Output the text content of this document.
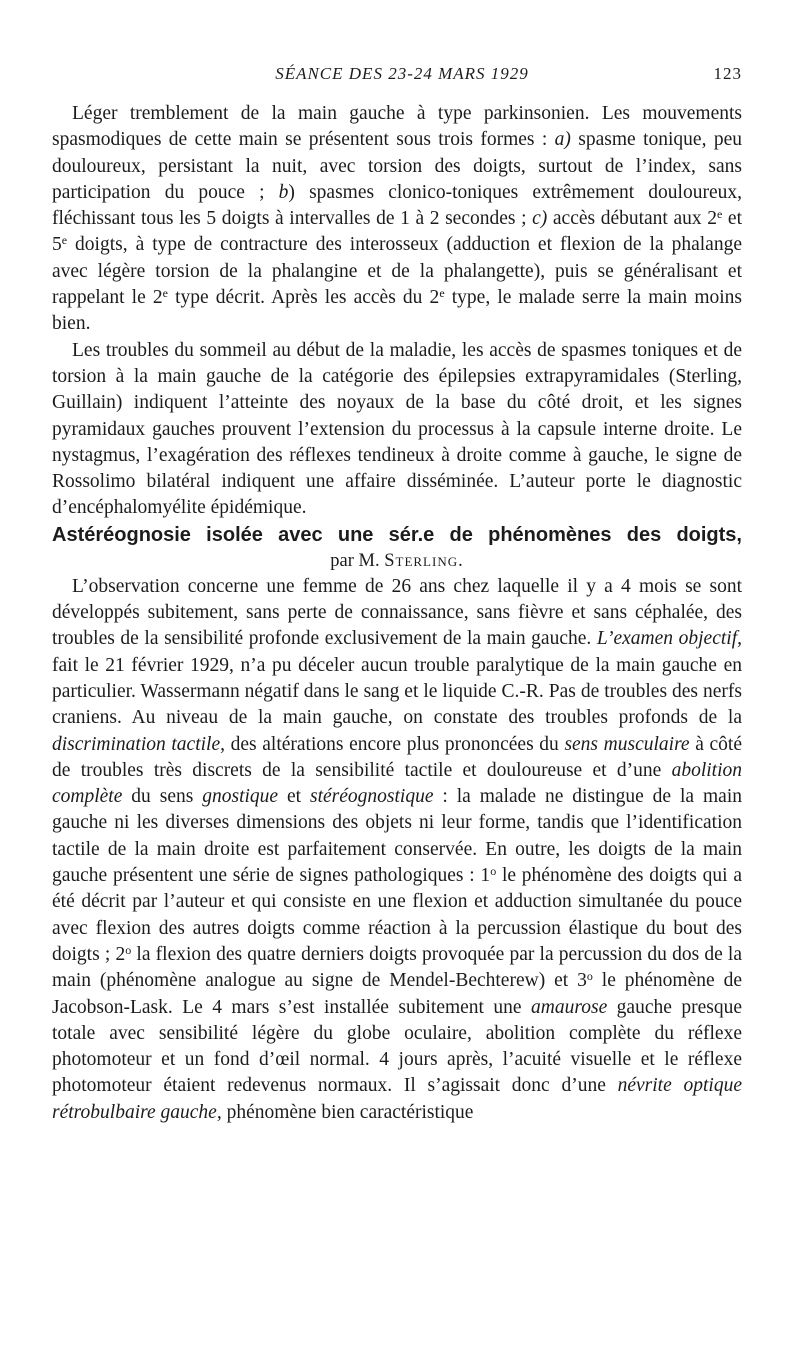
SÉANCE DES 23-24 MARS 1929	123

Léger tremblement de la main gauche à type parkinsonien. Les mouvements spasmodiques de cette main se présentent sous trois formes : a) spasme tonique, peu douloureux, persistant la nuit, avec torsion des doigts, surtout de l’index, sans participation du pouce ; b) spasmes clonico-toniques extrêmement douloureux, fléchissant tous les 5 doigts à intervalles de 1 à 2 secondes ; c) accès débutant aux 2e et 5e doigts, à type de contracture des interosseux (adduction et flexion de la phalange avec légère torsion de la phalangine et de la phalangette), puis se généralisant et rappelant le 2e type décrit. Après les accès du 2e type, le malade serre la main moins bien.

Les troubles du sommeil au début de la maladie, les accès de spasmes toniques et de torsion à la main gauche de la catégorie des épilepsies extrapyramidales (Sterling, Guillain) indiquent l’atteinte des noyaux de la base du côté droit, et les signes pyramidaux gauches prouvent l’extension du processus à la capsule interne droite. Le nystagmus, l’exagération des réflexes tendineux à droite comme à gauche, le signe de Rossolimo bilatéral indiquent une affaire disséminée. L’auteur porte le diagnostic d’encéphalomyélite épidémique.

Astéréognosie isolée avec une sér.e de phénomènes des doigts,

par M. Sterling.

L’observation concerne une femme de 26 ans chez laquelle il y a 4 mois se sont développés subitement, sans perte de connaissance, sans fièvre et sans céphalée, des troubles de la sensibilité profonde exclusivement de la main gauche. L’examen objectif, fait le 21 février 1929, n’a pu déceler aucun trouble paralytique de la main gauche en particulier. Wassermann négatif dans le sang et le liquide C.-R. Pas de troubles des nerfs craniens. Au niveau de la main gauche, on constate des troubles profonds de la discrimination tactile, des altérations encore plus prononcées du sens musculaire à côté de troubles très discrets de la sensibilité tactile et douloureuse et d’une abolition complète du sens gnostique et stéréognostique : la malade ne distingue de la main gauche ni les diverses dimensions des objets ni leur forme, tandis que l’identification tactile de la main droite est parfaitement conservée. En outre, les doigts de la main gauche présentent une série de signes pathologiques : 1$^o$ le phénomène des doigts qui a été décrit par l’auteur et qui consiste en une flexion et adduction simultanée du pouce avec flexion des autres doigts comme réaction à la percussion élastique du bout des doigts ; 2$^o$ la flexion des quatre derniers doigts provoquée par la percussion du dos de la main (phénomène analogue au signe de Mendel-Bechterew) et 3$^o$ le phénomène de Jacobson-Lask. Le 4 mars s’est installée subitement une amaurose gauche presque totale avec sensibilité légère du globe oculaire, abolition complète du réflexe photomoteur et un fond d’œil normal. 4 jours après, l’acuité visuelle et le réflexe photomoteur étaient redevenus normaux. Il s’agissait donc d’une névrite optique rétrobulbaire gauche, phénomène bien caractéristique
